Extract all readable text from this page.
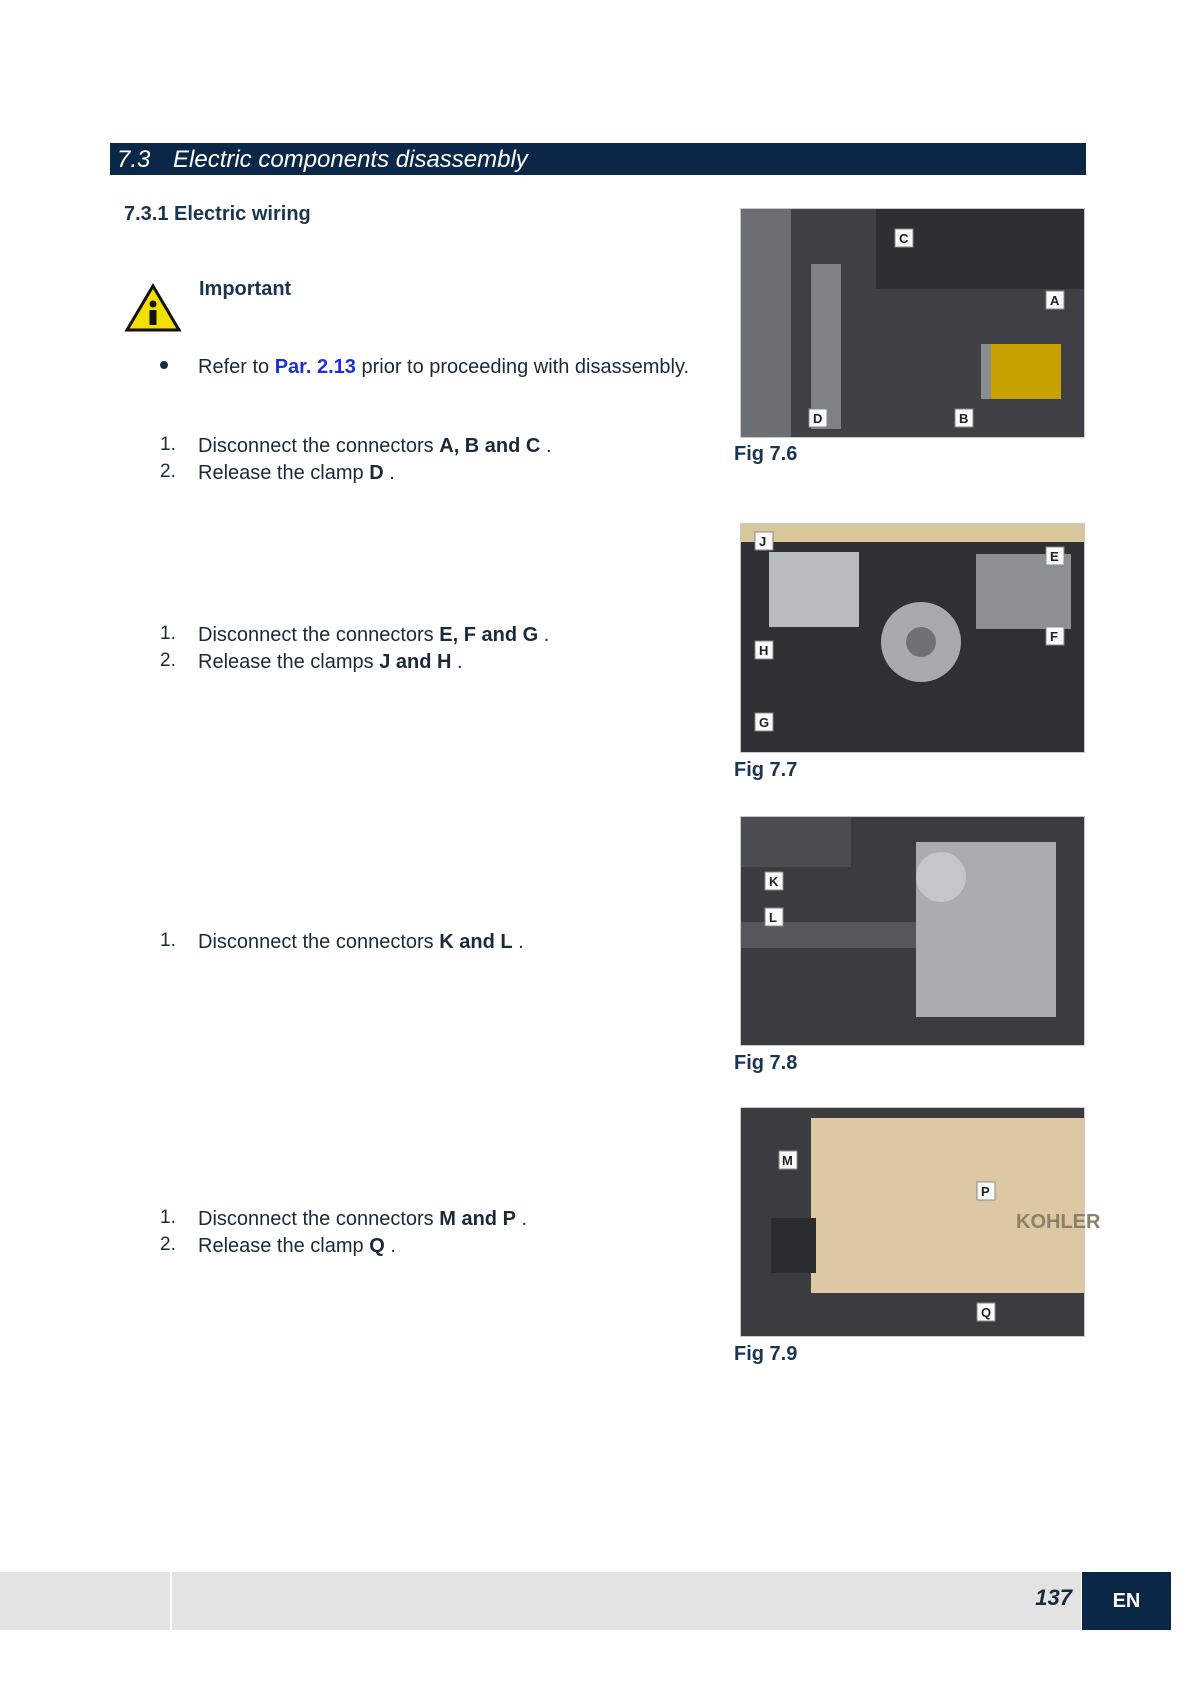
7.3 Electric components disassembly
7.3.1 Electric wiring
Important
Refer to Par. 2.13 prior to proceeding with disassembly.
1. Disconnect the connectors A, B and C .
2. Release the clamp D .
1. Disconnect the connectors E, F and G .
2. Release the clamps J and H .
1. Disconnect the connectors K and L .
1. Disconnect the connectors M and P .
2. Release the clamp Q .
C
A
D	B
Fig 7.6
J
E
H
F
G
Fig 7.7
K
L
Fig 7.8
KOHLER
M
P
Q
Fig 7.9
137	EN
